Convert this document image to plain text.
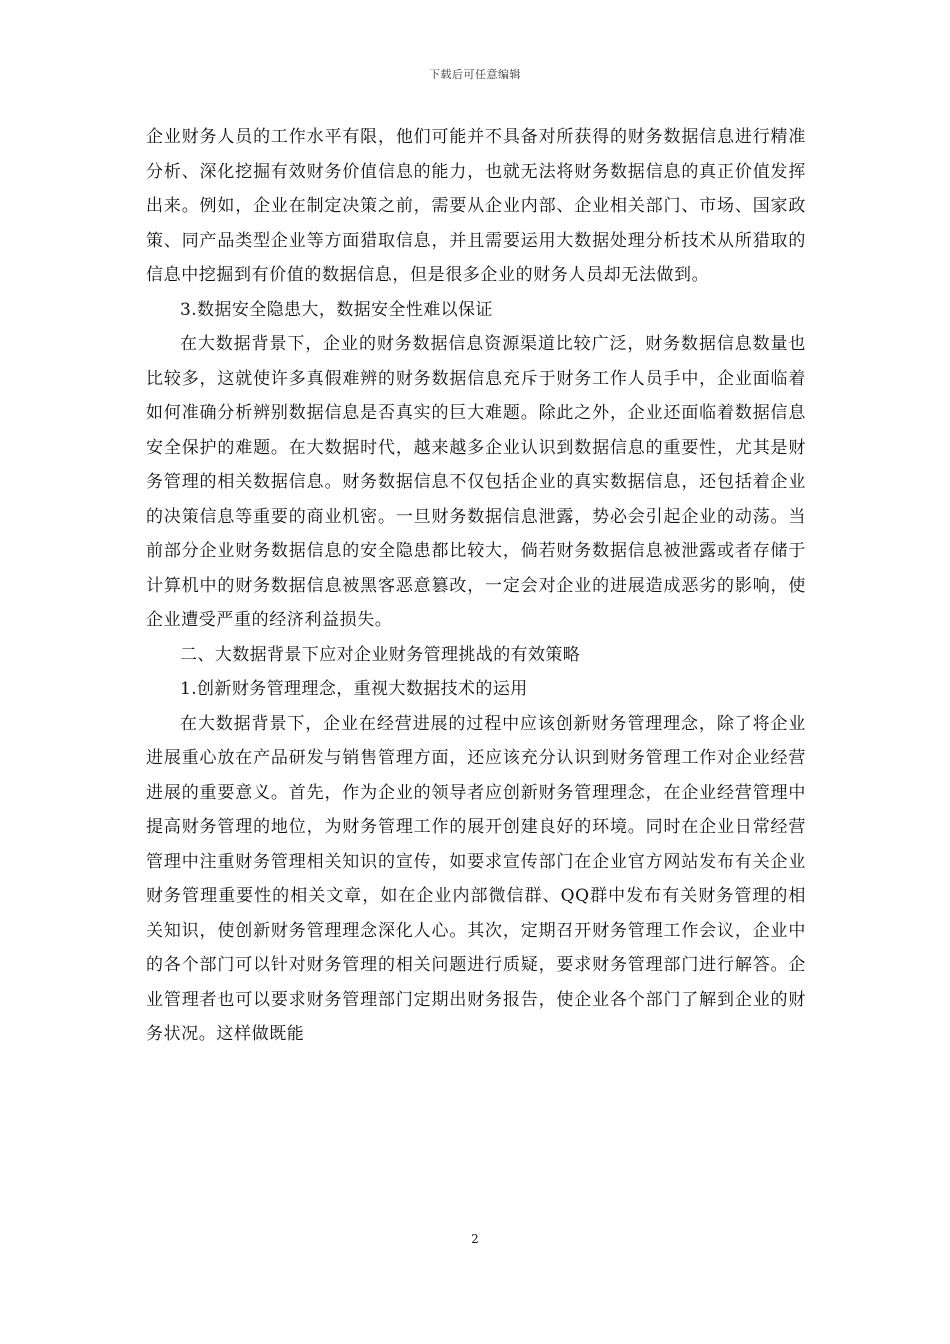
下载后可任意编辑

企业财务人员的工作水平有限，他们可能并不具备对所获得的财务数据信息进行精准分析、深化挖掘有效财务价值信息的能力，也就无法将财务数据信息的真正价值发挥出来。例如，企业在制定决策之前，需要从企业内部、企业相关部门、市场、国家政策、同产品类型企业等方面猎取信息，并且需要运用大数据处理分析技术从所猎取的信息中挖掘到有价值的数据信息，但是很多企业的财务人员却无法做到。

3.数据安全隐患大，数据安全性难以保证

在大数据背景下，企业的财务数据信息资源渠道比较广泛，财务数据信息数量也比较多，这就使许多真假难辨的财务数据信息充斥于财务工作人员手中，企业面临着如何准确分析辨别数据信息是否真实的巨大难题。除此之外，企业还面临着数据信息安全保护的难题。在大数据时代，越来越多企业认识到数据信息的重要性，尤其是财务管理的相关数据信息。财务数据信息不仅包括企业的真实数据信息，还包括着企业的决策信息等重要的商业机密。一旦财务数据信息泄露，势必会引起企业的动荡。当前部分企业财务数据信息的安全隐患都比较大，倘若财务数据信息被泄露或者存储于计算机中的财务数据信息被黑客恶意篡改，一定会对企业的进展造成恶劣的影响，使企业遭受严重的经济利益损失。

二、大数据背景下应对企业财务管理挑战的有效策略

1.创新财务管理理念，重视大数据技术的运用

在大数据背景下，企业在经营进展的过程中应该创新财务管理理念，除了将企业进展重心放在产品研发与销售管理方面，还应该充分认识到财务管理工作对企业经营进展的重要意义。首先，作为企业的领导者应创新财务管理理念，在企业经营管理中提高财务管理的地位，为财务管理工作的展开创建良好的环境。同时在企业日常经营管理中注重财务管理相关知识的宣传，如要求宣传部门在企业官方网站发布有关企业财务管理重要性的相关文章，如在企业内部微信群、QQ群中发布有关财务管理的相关知识，使创新财务管理理念深化人心。其次，定期召开财务管理工作会议，企业中的各个部门可以针对财务管理的相关问题进行质疑，要求财务管理部门进行解答。企业管理者也可以要求财务管理部门定期出财务报告，使企业各个部门了解到企业的财务状况。这样做既能

2
